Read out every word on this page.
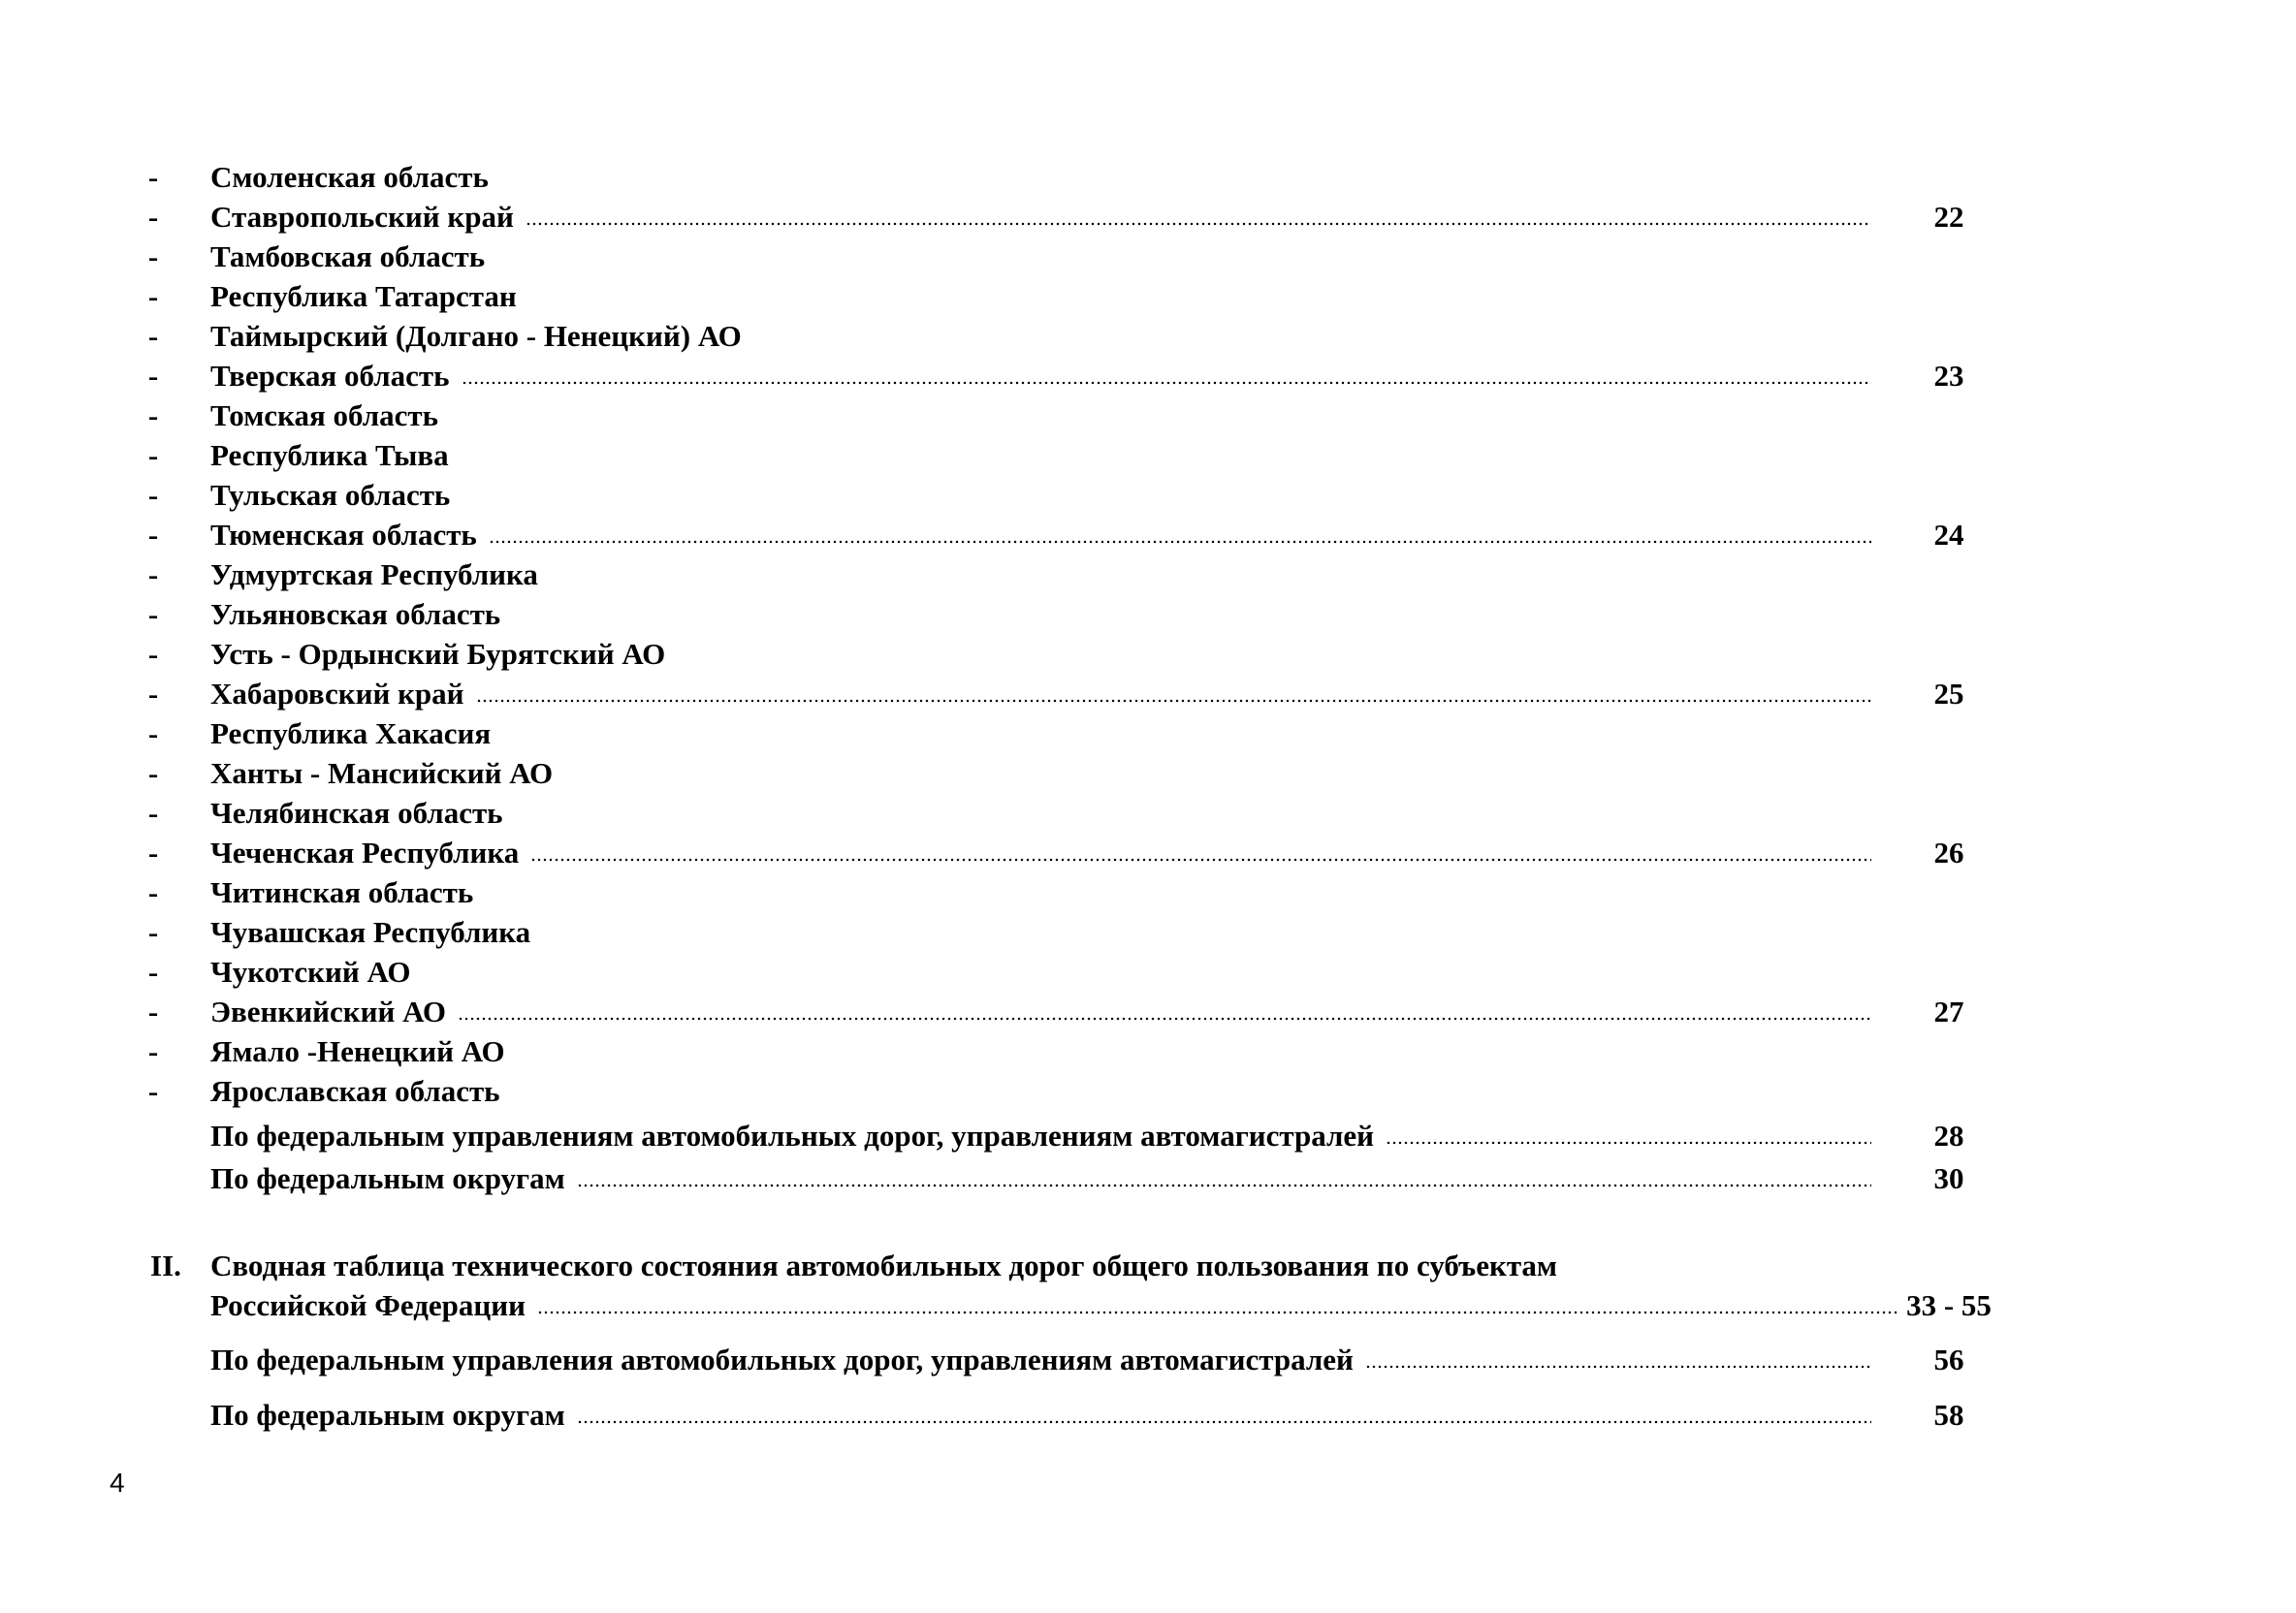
- Смоленская область
- Ставропольский край	22
- Тамбовская область
- Республика Татарстан
- Таймырский (Долгано - Ненецкий) АО
- Тверская область	23
- Томская область
- Республика Тыва
- Тульская область
- Тюменская область	24
- Удмуртская Республика
- Ульяновская область
- Усть - Ордынский Бурятский АО
- Хабаровский край	25
- Республика Хакасия
- Ханты - Мансийский АО
- Челябинская область
- Чеченская Республика	26
- Читинская область
- Чувашская Республика
- Чукотский АО
- Эвенкийский АО	27
- Ямало -Ненецкий АО
- Ярославская область
По федеральным управлениям автомобильных дорог, управлениям автомагистралей	28
По федеральным округам	30
II. Сводная таблица технического состояния автомобильных дорог общего пользования по субъектам
Российской Федерации	33 - 55
По федеральным управления автомобильных дорог, управлениям автомагистралей	56
По федеральным округам	58
4
